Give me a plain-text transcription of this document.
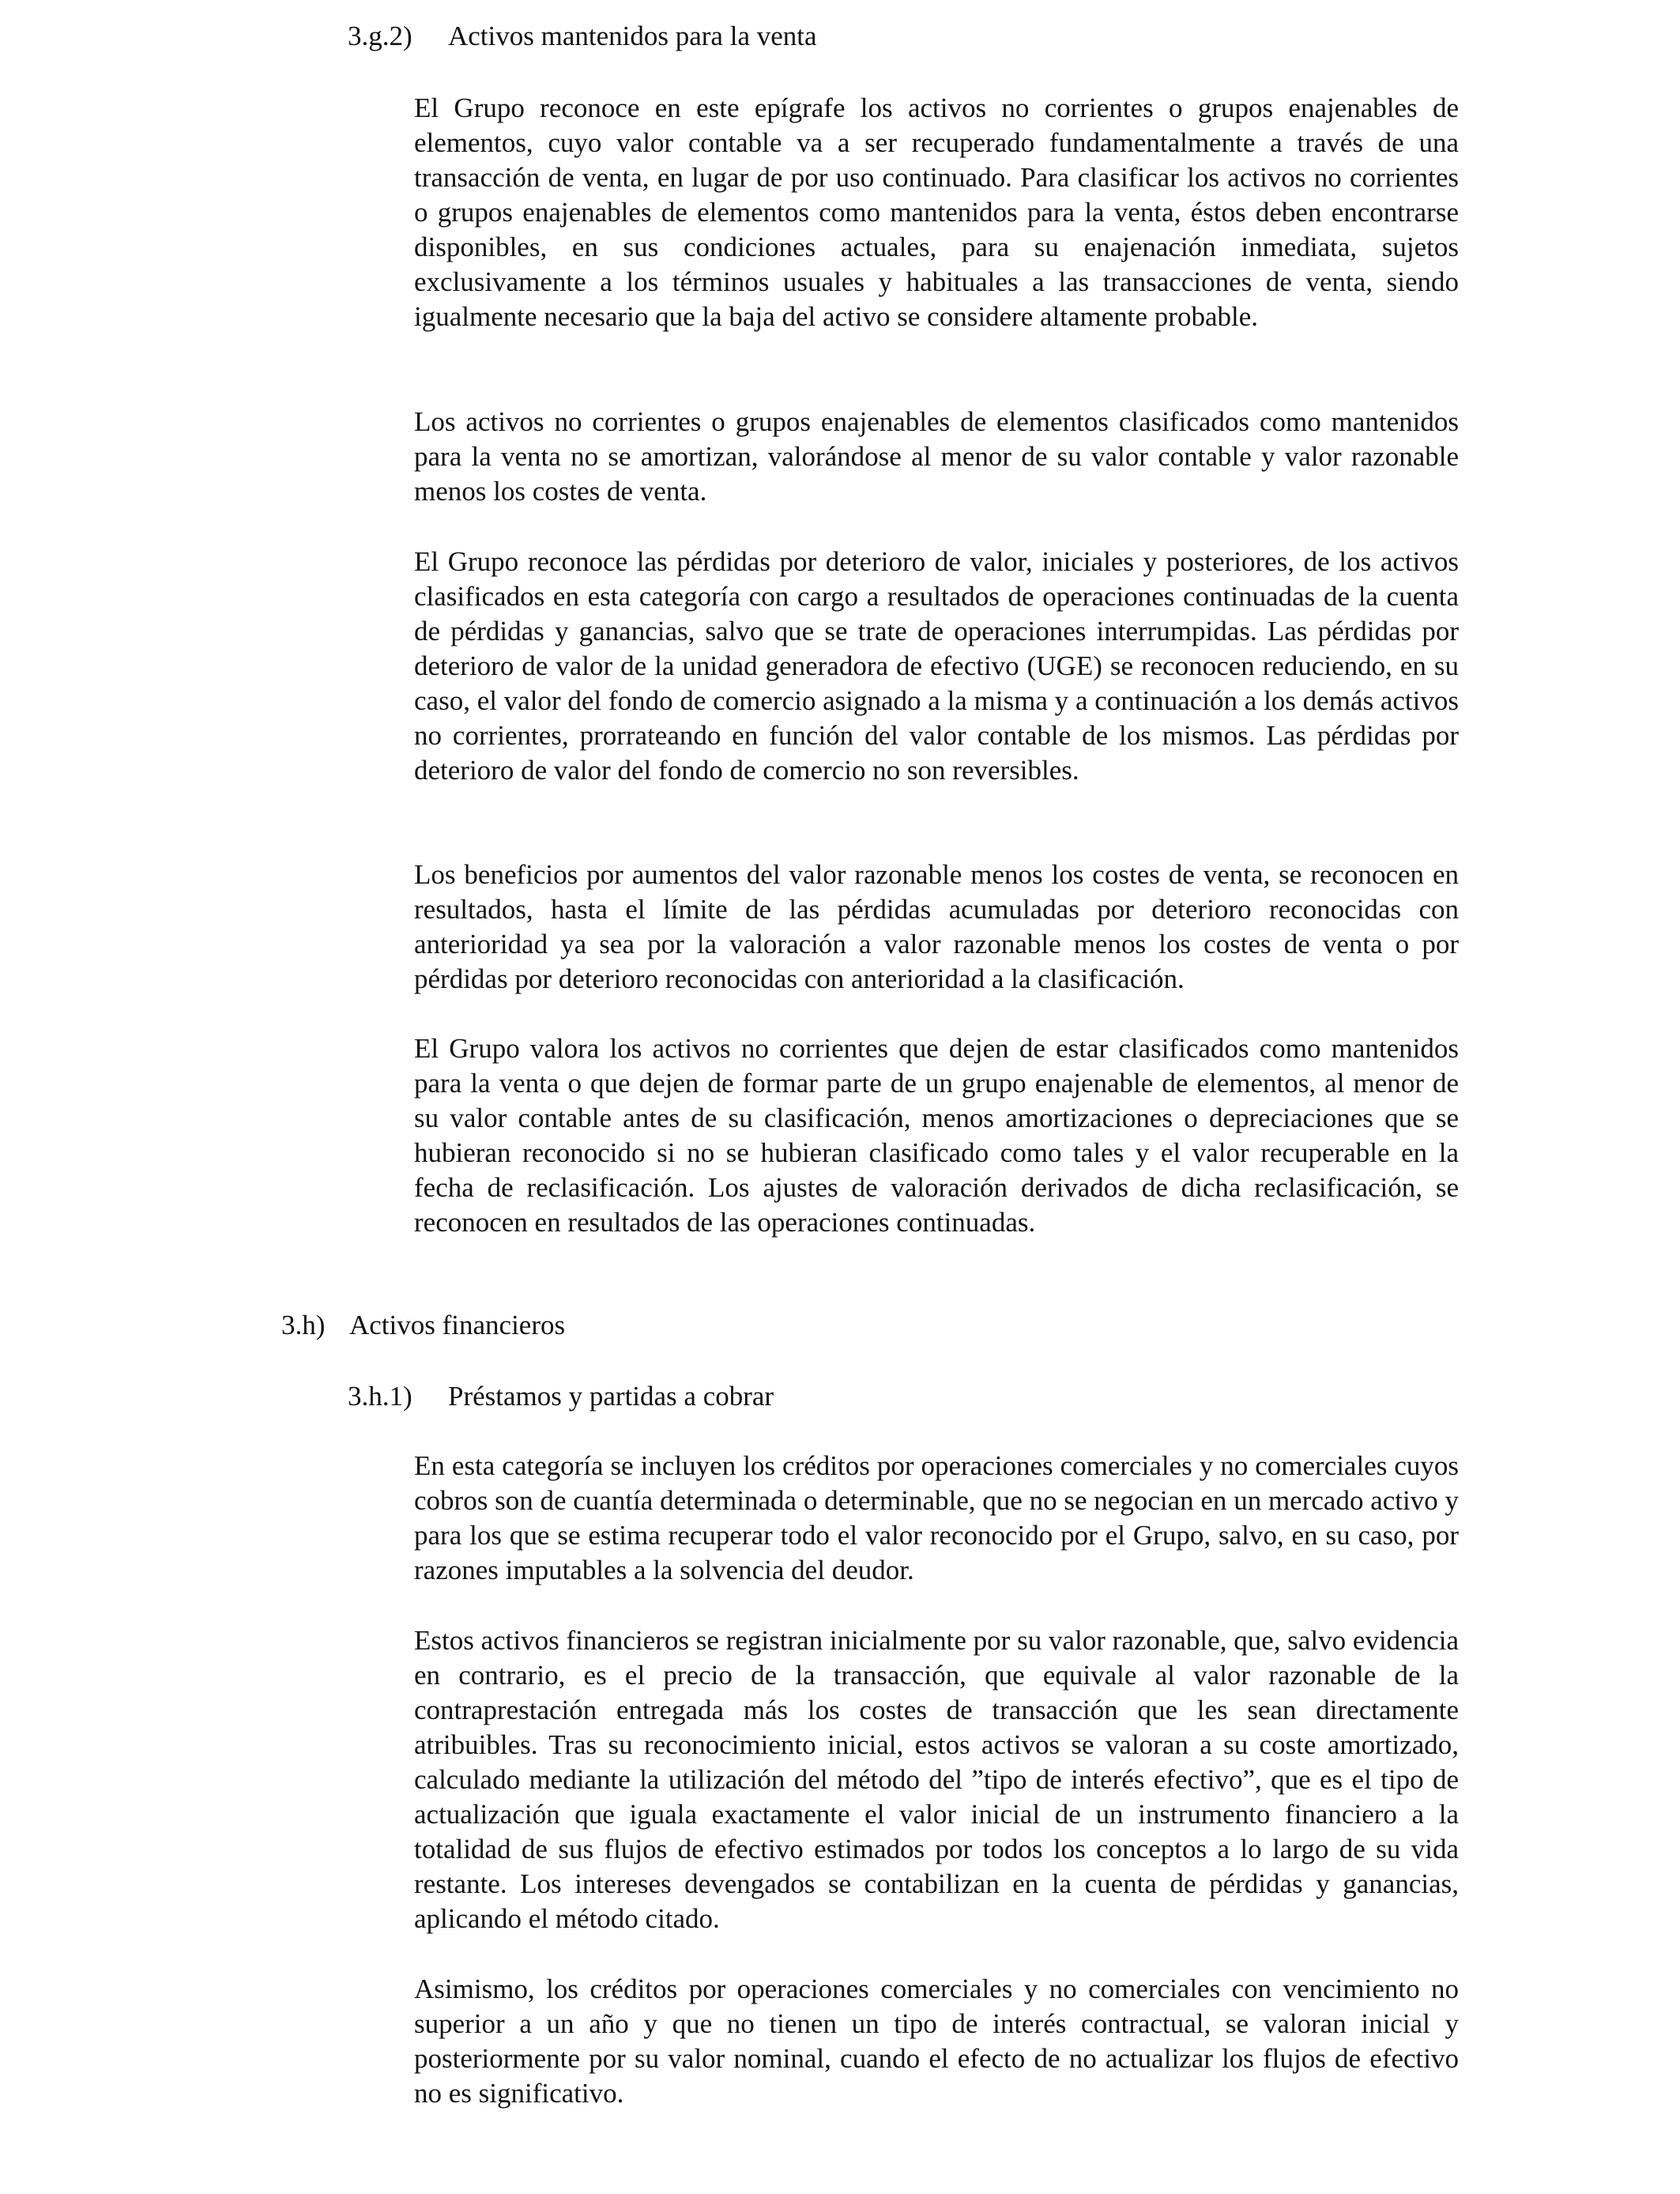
3.g.2) Activos mantenidos para la venta

El Grupo reconoce en este epígrafe los activos no corrientes o grupos enajenables de elementos, cuyo valor contable va a ser recuperado fundamentalmente a través de una transacción de venta, en lugar de por uso continuado. Para clasificar los activos no corrientes o grupos enajenables de elementos como mantenidos para la venta, éstos deben encontrarse disponibles, en sus condiciones actuales, para su enajenación inmediata, sujetos exclusivamente a los términos usuales y habituales a las transacciones de venta, siendo igualmente necesario que la baja del activo se considere altamente probable.

Los activos no corrientes o grupos enajenables de elementos clasificados como mantenidos para la venta no se amortizan, valorándose al menor de su valor contable y valor razonable menos los costes de venta.

El Grupo reconoce las pérdidas por deterioro de valor, iniciales y posteriores, de los activos clasificados en esta categoría con cargo a resultados de operaciones continuadas de la cuenta de pérdidas y ganancias, salvo que se trate de operaciones interrumpidas. Las pérdidas por deterioro de valor de la unidad generadora de efectivo (UGE) se reconocen reduciendo, en su caso, el valor del fondo de comercio asignado a la misma y a continuación a los demás activos no corrientes, prorrateando en función del valor contable de los mismos. Las pérdidas por deterioro de valor del fondo de comercio no son reversibles.

Los beneficios por aumentos del valor razonable menos los costes de venta, se reconocen en resultados, hasta el límite de las pérdidas acumuladas por deterioro reconocidas con anterioridad ya sea por la valoración a valor razonable menos los costes de venta o por pérdidas por deterioro reconocidas con anterioridad a la clasificación.

El Grupo valora los activos no corrientes que dejen de estar clasificados como mantenidos para la venta o que dejen de formar parte de un grupo enajenable de elementos, al menor de su valor contable antes de su clasificación, menos amortizaciones o depreciaciones que se hubieran reconocido si no se hubieran clasificado como tales y el valor recuperable en la fecha de reclasificación. Los ajustes de valoración derivados de dicha reclasificación, se reconocen en resultados de las operaciones continuadas.

3.h) Activos financieros
3.h.1) Préstamos y partidas a cobrar

En esta categoría se incluyen los créditos por operaciones comerciales y no comerciales cuyos cobros son de cuantía determinada o determinable, que no se negocian en un mercado activo y para los que se estima recuperar todo el valor reconocido por el Grupo, salvo, en su caso, por razones imputables a la solvencia del deudor.

Estos activos financieros se registran inicialmente por su valor razonable, que, salvo evidencia en contrario, es el precio de la transacción, que equivale al valor razonable de la contraprestación entregada más los costes de transacción que les sean directamente atribuibles. Tras su reconocimiento inicial, estos activos se valoran a su coste amortizado, calculado mediante la utilización del método del ”tipo de interés efectivo”, que es el tipo de actualización que iguala exactamente el valor inicial de un instrumento financiero a la totalidad de sus flujos de efectivo estimados por todos los conceptos a lo largo de su vida restante. Los intereses devengados se contabilizan en la cuenta de pérdidas y ganancias, aplicando el método citado.

Asimismo, los créditos por operaciones comerciales y no comerciales con vencimiento no superior a un año y que no tienen un tipo de interés contractual, se valoran inicial y posteriormente por su valor nominal, cuando el efecto de no actualizar los flujos de efectivo no es significativo.
